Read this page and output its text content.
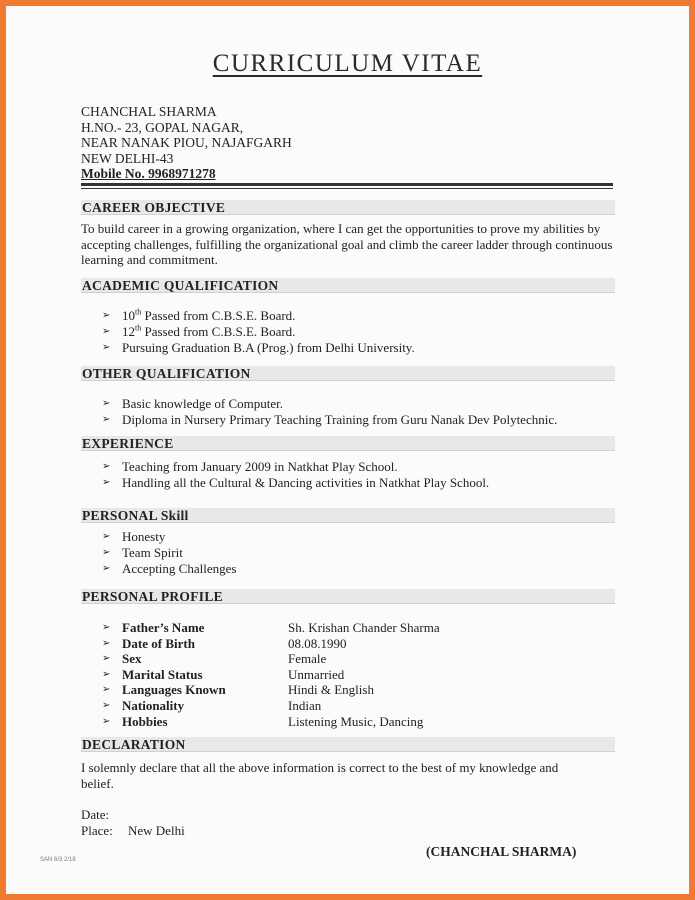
CURRICULUM VITAE
CHANCHAL SHARMA
H.NO.- 23, GOPAL NAGAR,
NEAR NANAK PIOU, NAJAFGARH
NEW DELHI-43
Mobile No. 9968971278
CAREER OBJECTIVE
To build career in a growing organization, where I can get the opportunities to prove my abilities by accepting challenges, fulfilling the organizational goal and climb the career ladder through continuous learning and commitment.
ACADEMIC QUALIFICATION
➢ 10th Passed from C.B.S.E. Board.
➢ 12th Passed from C.B.S.E. Board.
➢ Pursuing Graduation B.A (Prog.) from Delhi University.
OTHER QUALIFICATION
➢ Basic knowledge of Computer.
➢ Diploma in Nursery Primary Teaching Training from Guru Nanak Dev Polytechnic.
EXPERIENCE
➢ Teaching from January 2009 in Natkhat Play School.
➢ Handling all the Cultural & Dancing activities in Natkhat Play School.
PERSONAL Skill
➢ Honesty
➢ Team Spirit
➢ Accepting Challenges
PERSONAL PROFILE
➢ Father’s Name	Sh. Krishan Chander Sharma
➢ Date of Birth	08.08.1990
➢ Sex	Female
➢ Marital Status	Unmarried
➢ Languages Known	Hindi & English
➢ Nationality	Indian
➢ Hobbies	Listening Music, Dancing
DECLARATION
I solemnly declare that all the above information is correct to the best of my knowledge and belief.
Date:
Place:	New Delhi
(CHANCHAL SHARMA)
SAN 6/3 2/18
